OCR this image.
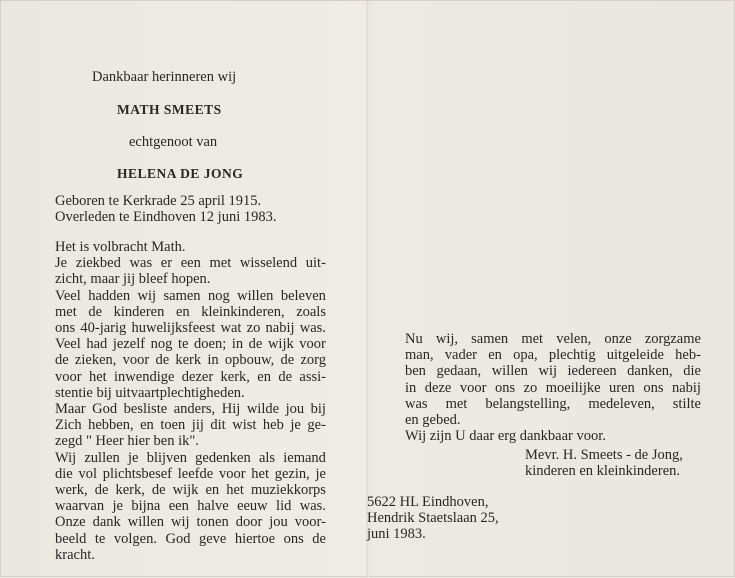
Dankbaar herinneren wij
MATH SMEETS
echtgenoot van
HELENA DE JONG
Geboren te Kerkrade 25 april 1915.
Overleden te Eindhoven 12 juni 1983.
Het is volbracht Math.
Je ziekbed was er een met wisselend uit-
zicht, maar jij bleef hopen.
Veel hadden wij samen nog willen beleven
met de kinderen en kleinkinderen, zoals
ons 40-jarig huwelijksfeest wat zo nabij was.
Veel had jezelf nog te doen; in de wijk voor
de zieken, voor de kerk in opbouw, de zorg
voor het inwendige dezer kerk, en de assi-
stentie bij uitvaartplechtigheden.
Maar God besliste anders, Hij wilde jou bij
Zich hebben, en toen jij dit wist heb je ge-
zegd " Heer hier ben ik".
Wij zullen je blijven gedenken als iemand
die vol plichtsbesef leefde voor het gezin, je
werk, de kerk, de wijk en het muziekkorps
waarvan je bijna een halve eeuw lid was.
Onze dank willen wij tonen door jou voor-
beeld te volgen. God geve hiertoe ons de
kracht.
Nu wij, samen met velen, onze zorgzame
man, vader en opa, plechtig uitgeleide heb-
ben gedaan, willen wij iedereen danken, die
in deze voor ons zo moeilijke uren ons nabij
was met belangstelling, medeleven, stilte
en gebed.
Wij zijn U daar erg dankbaar voor.
Mevr. H. Smeets - de Jong,
kinderen en kleinkinderen.
5622 HL Eindhoven,
Hendrik Staetslaan 25,
juni 1983.
